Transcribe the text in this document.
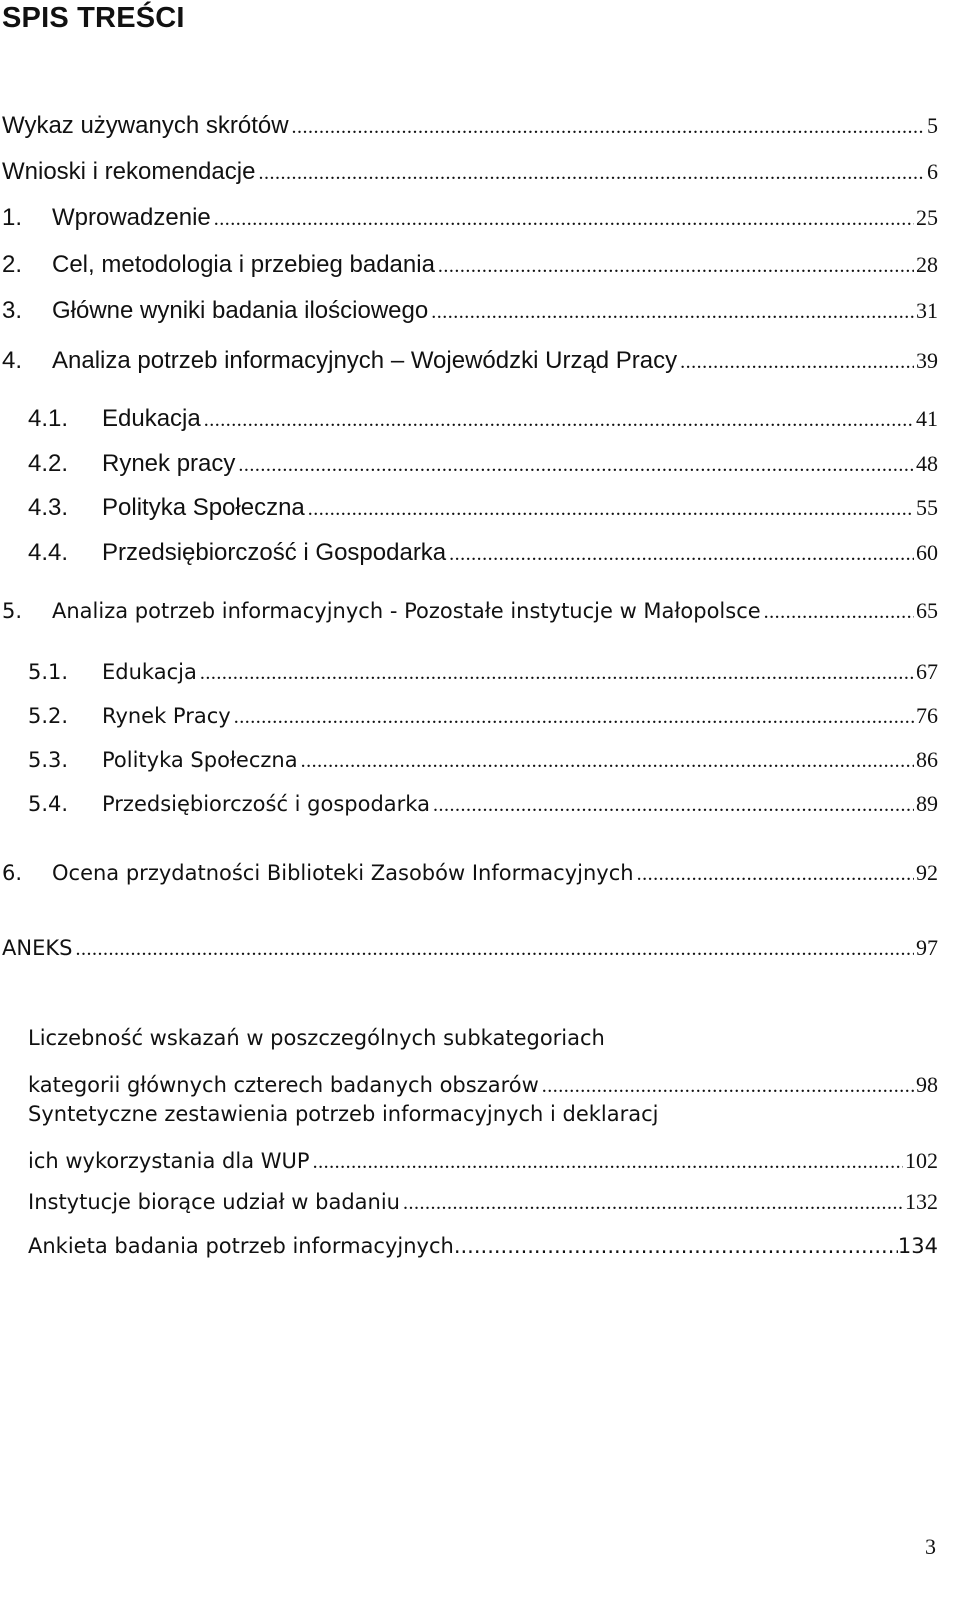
SPIS TREŚCI
Wykaz używanych skrótów .....	5
Wnioski i rekomendacje .....	6
1.	Wprowadzenie .....	25
2.	Cel, metodologia i przebieg badania .....	28
3.	Główne wyniki badania ilościowego .....	31
4.	Analiza potrzeb informacyjnych – Wojewódzki Urząd Pracy .....	39
4.1.	Edukacja .....	41
4.2.	Rynek pracy .....	48
4.3.	Polityka Społeczna .....	55
4.4.	Przedsiębiorczość i Gospodarka .....	60
5.	Analiza potrzeb informacyjnych - Pozostałe instytucje w Małopolsce .....	65
5.1.	Edukacja .....	67
5.2.	Rynek Pracy .....	76
5.3.	Polityka Społeczna .....	86
5.4.	Przedsiębiorczość i gospodarka .....	89
6.	Ocena przydatności Biblioteki Zasobów Informacyjnych .....	92
ANEKS .....	97
Liczebność wskazań w poszczególnych subkategoriach
kategorii głównych czterech badanych obszarów .....	98
Syntetyczne zestawienia potrzeb informacyjnych i deklaracj
ich wykorzystania dla WUP .....	102
Instytucje biorące udział w badaniu .....	132
Ankieta badania potrzeb informacyjnych .....	134
3
